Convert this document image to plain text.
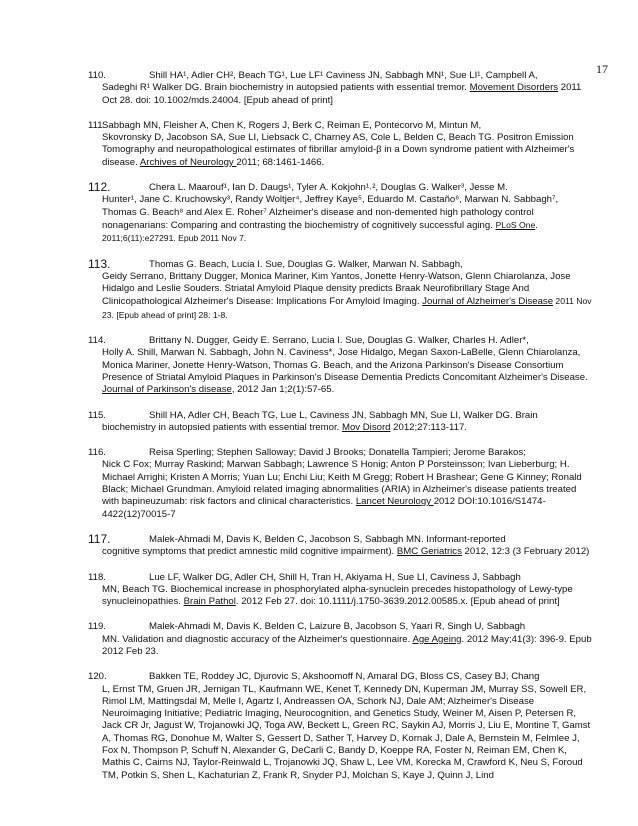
17
110.	Shill HA¹, Adler CH², Beach TG¹, Lue LF¹ Caviness JN, Sabbagh MN¹, Sue LI¹, Campbell A,
Sadeghi R¹ Walker DG. Brain biochemistry in autopsied patients with essential tremor. Movement Disorders 2011 Oct 28. doi: 10.1002/mds.24004. [Epub ahead of print]
111.
Sabbagh MN, Fleisher A, Chen K, Rogers J, Berk C, Reiman E, Pontecorvo M, Mintun M,
Skovronsky D, Jacobson SA, Sue LI, Liebsack C, Charney AS, Cole L, Belden C, Beach TG. Positron Emission Tomography and neuropathological estimates of fibrillar amyloid-β in a Down syndrome patient with Alzheimer's disease. Archives of Neurology 2011; 68:1461-1466.
112.	Chera L. Maarouf¹, Ian D. Daugs¹, Tyler A. Kokjohn¹˒², Douglas G. Walker³, Jesse M.
Hunter¹, Jane C. Kruchowsky³, Randy Woltjer⁴, Jeffrey Kaye⁵, Eduardo M. Castaño⁶, Marwan N. Sabbagh⁷, Thomas G. Beach⁸ and Alex E. Roher⁷ Alzheimer's disease and non-demented high pathology control nonagenarians: Comparing and contrasting the biochemistry of cognitively successful aging. PLoS One. 2011;6(11):e27291. Epub 2011 Nov 7.
113.	Thomas G. Beach, Lucia I. Sue, Douglas G. Walker, Marwan N. Sabbagh,
Geidy Serrano, Brittany Dugger, Monica Mariner, Kim Yantos, Jonette Henry-Watson, Glenn Chiarolanza, Jose Hidalgo and Leslie Souders. Striatal Amyloid Plaque density predicts Braak Neurofibrillary Stage And Clinicopathological Alzheimer's Disease: Implications For Amyloid Imaging. Journal of Alzheimer's Disease 2011 Nov 23. [Epub ahead of print] 28: 1-8.
114.	Brittany N. Dugger, Geidy E. Serrano, Lucia I. Sue, Douglas G. Walker, Charles H. Adler*,
Holly A. Shill, Marwan N. Sabbagh, John N. Caviness*, Jose Hidalgo, Megan Saxon-LaBelle, Glenn Chiarolanza, Monica Mariner, Jonette Henry-Watson, Thomas G. Beach, and the Arizona Parkinson's Disease Consortium Presence of Striatal Amyloid Plaques in Parkinson's Disease Dementia Predicts Concomitant Alzheimer's Disease. Journal of Parkinson's disease, 2012 Jan 1;2(1):57-65.
115.	Shill HA, Adler CH, Beach TG, Lue L, Caviness JN, Sabbagh MN, Sue LI, Walker DG. Brain
biochemistry in autopsied patients with essential tremor. Mov Disord 2012;27:113-117.
116.	Reisa Sperling; Stephen Salloway; David J Brooks; Donatella Tampieri; Jerome Barakos;
Nick C Fox; Murray Raskind; Marwan Sabbagh; Lawrence S Honig; Anton P Porsteinsson; Ivan Lieberburg; H. Michael Arrighi; Kristen A Morris; Yuan Lu; Enchi Liu; Keith M Gregg; Robert H Brashear; Gene G Kinney; Ronald Black; Michael Grundman. Amyloid related imaging abnormalities (ARIA) in Alzheimer's disease patients treated with bapineuzumab: risk factors and clinical characteristics. Lancet Neurology 2012 DOI:10.1016/S1474-4422(12)70015-7
117.	Malek-Ahmadi M, Davis K, Belden C, Jacobson S, Sabbagh MN. Informant-reported
cognitive symptoms that predict amnestic mild cognitive impairment). BMC Geriatrics 2012, 12:3 (3 February 2012)
118.	Lue LF, Walker DG, Adler CH, Shill H, Tran H, Akiyama H, Sue LI, Caviness J, Sabbagh
MN, Beach TG. Biochemical increase in phosphorylated alpha-synuclein precedes histopathology of Lewy-type synucleinopathies. Brain Pathol. 2012 Feb 27. doi: 10.1111/j.1750-3639.2012.00585.x. [Epub ahead of print]
119.	Malek-Ahmadi M, Davis K, Belden C, Laizure B, Jacobson S, Yaari R, Singh U, Sabbagh
MN. Validation and diagnostic accuracy of the Alzheimer's questionnaire. Age Ageing. 2012 May;41(3): 396-9. Epub 2012 Feb 23.
120.	Bakken TE, Roddey JC, Djurovic S, Akshoomoff N, Amaral DG, Bloss CS, Casey BJ, Chang
L, Ernst TM, Gruen JR, Jernigan TL, Kaufmann WE, Kenet T, Kennedy DN, Kuperman JM, Murray SS, Sowell ER, Rimol LM, Mattingsdal M, Melle I, Agartz I, Andreassen OA, Schork NJ, Dale AM; Alzheimer's Disease Neuroimaging Initiative; Pediatric Imaging, Neurocognition, and Genetics Study, Weiner M, Aisen P, Petersen R, Jack CR Jr, Jagust W, Trojanowki JQ, Toga AW, Beckett L, Green RC, Saykin AJ, Morris J, Liu E, Montine T, Gamst A, Thomas RG, Donohue M, Walter S, Gessert D, Sather T, Harvey D, Kornak J, Dale A, Bernstein M, Felmlee J, Fox N, Thompson P, Schuff N, Alexander G, DeCarli C, Bandy D, Koeppe RA, Foster N, Reiman EM, Chen K, Mathis C, Cairns NJ, Taylor-Reinwald L, Trojanowki JQ, Shaw L, Lee VM, Korecka M, Crawford K, Neu S, Foroud TM, Potkin S, Shen L, Kachaturian Z, Frank R, Snyder PJ, Molchan S, Kaye J, Quinn J, Lind
